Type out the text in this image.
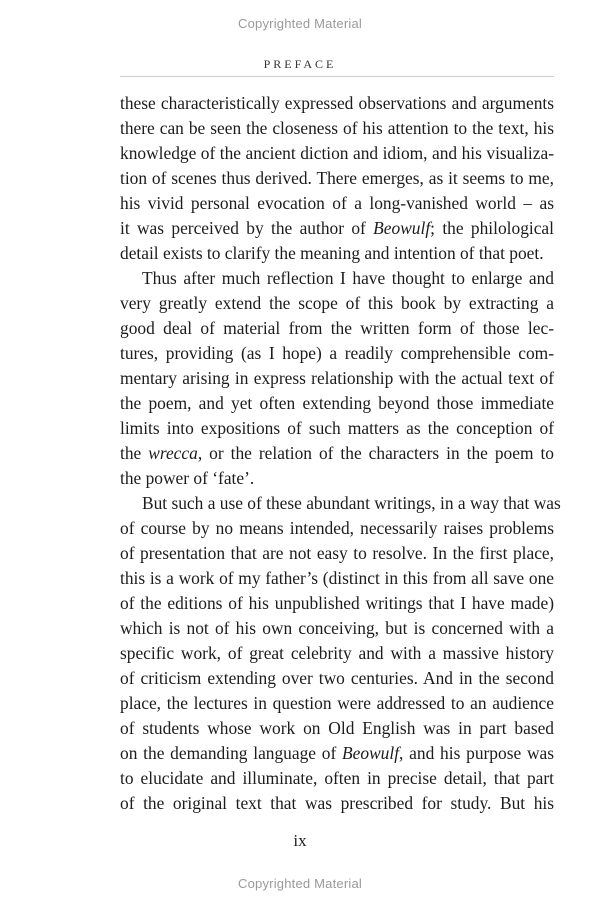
Copyrighted Material
PREFACE
these characteristically expressed observations and arguments
there can be seen the closeness of his attention to the text, his
knowledge of the ancient diction and idiom, and his visualiza-
tion of scenes thus derived. There emerges, as it seems to me,
his vivid personal evocation of a long-vanished world – as
it was perceived by the author of Beowulf; the philological
detail exists to clarify the meaning and intention of that poet.
Thus after much reflection I have thought to enlarge and
very greatly extend the scope of this book by extracting a
good deal of material from the written form of those lec-
tures, providing (as I hope) a readily comprehensible com-
mentary arising in express relationship with the actual text of
the poem, and yet often extending beyond those immediate
limits into expositions of such matters as the conception of
the wrecca, or the relation of the characters in the poem to
the power of ‘fate’.
But such a use of these abundant writings, in a way that was
of course by no means intended, necessarily raises problems
of presentation that are not easy to resolve. In the first place,
this is a work of my father’s (distinct in this from all save one
of the editions of his unpublished writings that I have made)
which is not of his own conceiving, but is concerned with a
specific work, of great celebrity and with a massive history
of criticism extending over two centuries. And in the second
place, the lectures in question were addressed to an audience
of students whose work on Old English was in part based
on the demanding language of Beowulf, and his purpose was
to elucidate and illuminate, often in precise detail, that part
of the original text that was prescribed for study. But his
ix
Copyrighted Material
